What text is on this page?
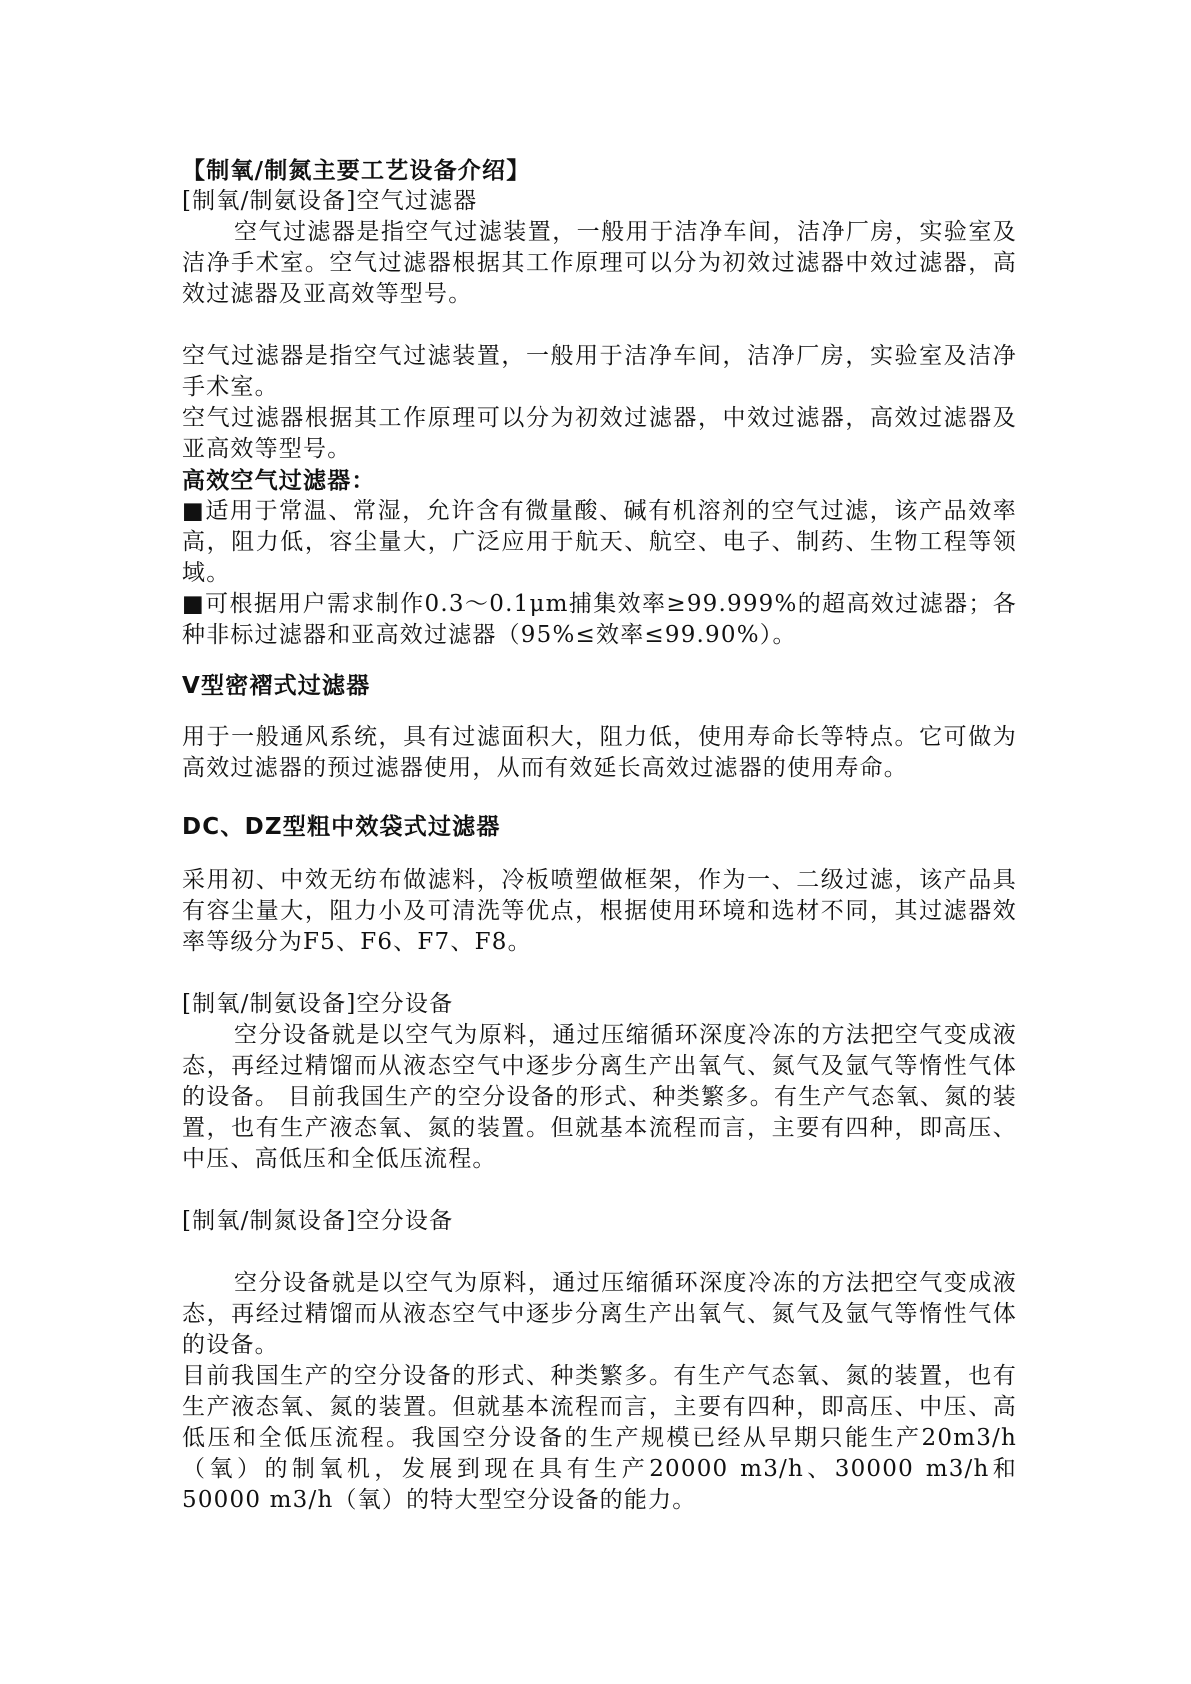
【制氧/制氮主要工艺设备介绍】

[制氧/制氨设备]空气过滤器

空气过滤器是指空气过滤装置，一般用于洁净车间，洁净厂房，实验室及洁净手术室。空气过滤器根据其工作原理可以分为初效过滤器中效过滤器，高效过滤器及亚高效等型号。

空气过滤器是指空气过滤装置，一般用于洁净车间，洁净厂房，实验室及洁净手术室。

空气过滤器根据其工作原理可以分为初效过滤器，中效过滤器，高效过滤器及亚高效等型号。

高效空气过滤器：

■适用于常温、常湿，允许含有微量酸、碱有机溶剂的空气过滤，该产品效率高，阻力低，容尘量大，广泛应用于航天、航空、电子、制药、生物工程等领域。

■可根据用户需求制作0.3～0.1μm捕集效率≥99.999%的超高效过滤器；各种非标过滤器和亚高效过滤器（95%≤效率≤99.90%）。

V型密褶式过滤器

用于一般通风系统，具有过滤面积大，阻力低，使用寿命长等特点。它可做为高效过滤器的预过滤器使用，从而有效延长高效过滤器的使用寿命。

DC、DZ型粗中效袋式过滤器

采用初、中效无纺布做滤料，冷板喷塑做框架，作为一、二级过滤，该产品具有容尘量大，阻力小及可清洗等优点，根据使用环境和选材不同，其过滤器效率等级分为F5、F6、F7、F8。

[制氧/制氨设备]空分设备

空分设备就是以空气为原料，通过压缩循环深度冷冻的方法把空气变成液态，再经过精馏而从液态空气中逐步分离生产出氧气、氮气及氩气等惰性气体的设备。 目前我国生产的空分设备的形式、种类繁多。有生产气态氧、氮的装置，也有生产液态氧、氮的装置。但就基本流程而言，主要有四种，即高压、中压、高低压和全低压流程。

[制氧/制氮设备]空分设备

空分设备就是以空气为原料，通过压缩循环深度冷冻的方法把空气变成液态，再经过精馏而从液态空气中逐步分离生产出氧气、氮气及氩气等惰性气体的设备。

目前我国生产的空分设备的形式、种类繁多。有生产气态氧、氮的装置，也有生产液态氧、氮的装置。但就基本流程而言，主要有四种，即高压、中压、高低压和全低压流程。我国空分设备的生产规模已经从早期只能生产20m3/h（氧）的制氧机，发展到现在具有生产20000 m3/h、30000 m3/h和50000 m3/h（氧）的特大型空分设备的能力。
